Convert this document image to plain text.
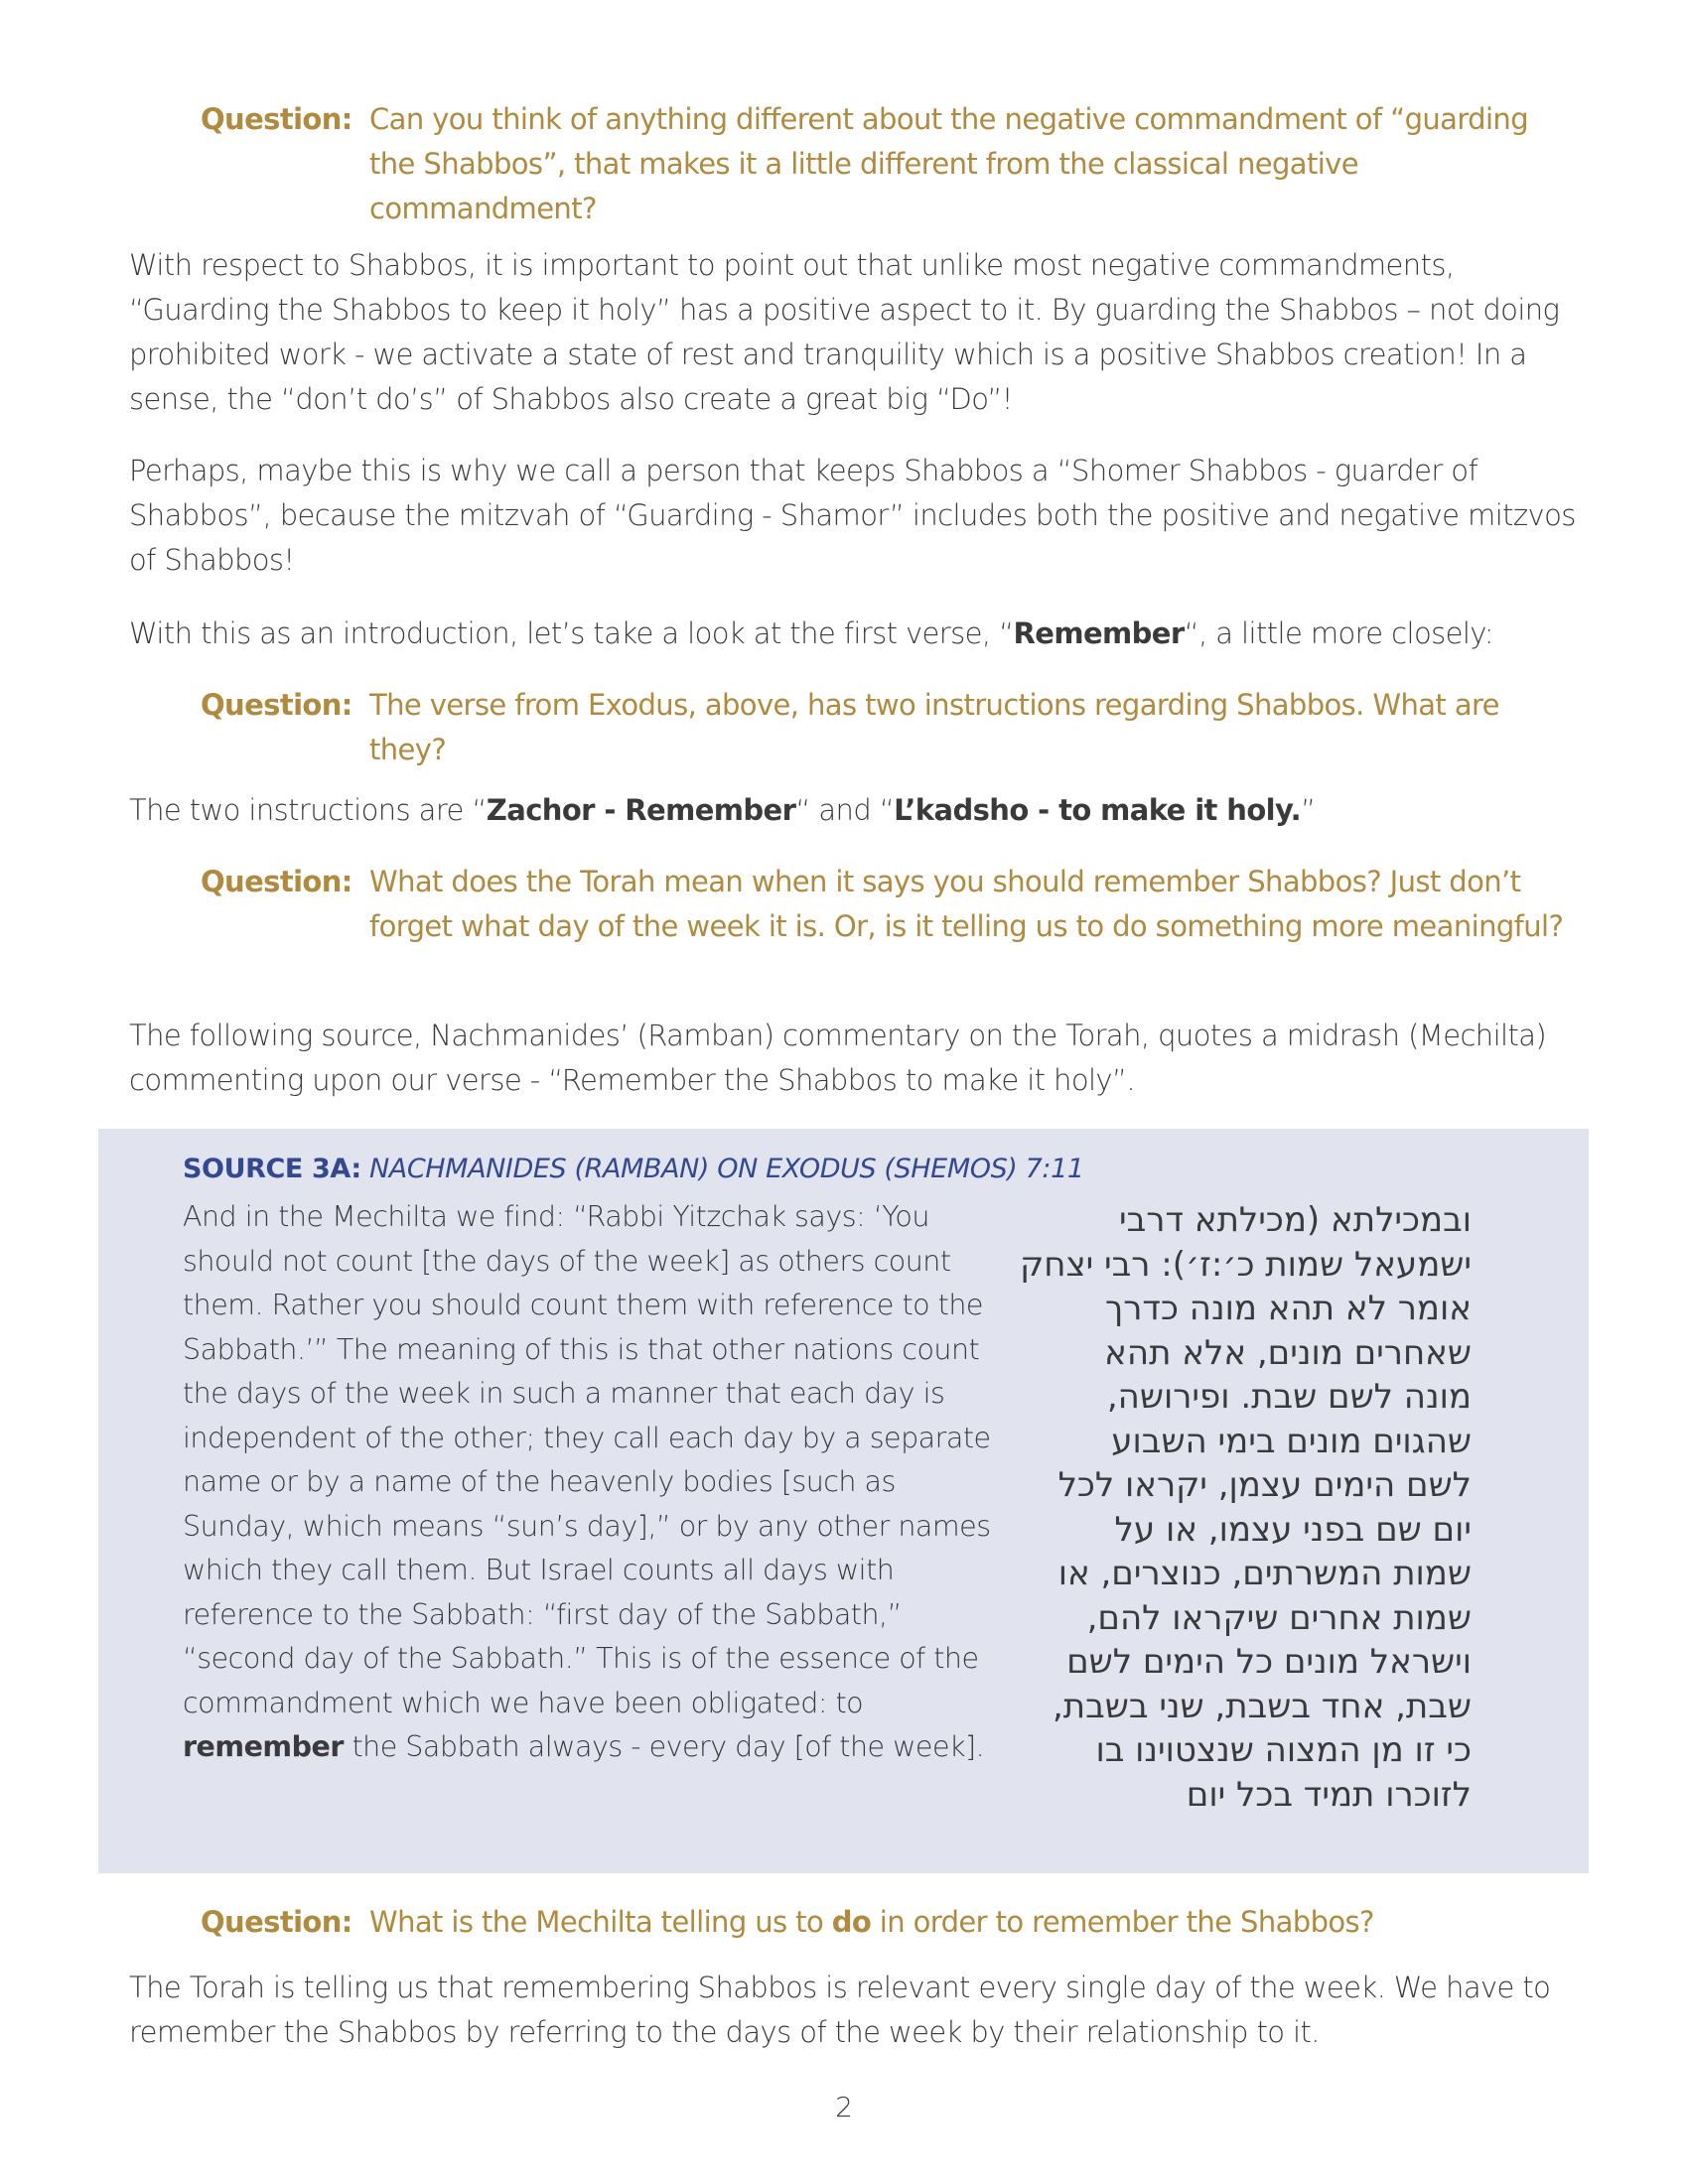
Question: Can you think of anything different about the negative commandment of “guarding the Shabbos”, that makes it a little different from the classical negative commandment?

With respect to Shabbos, it is important to point out that unlike most negative commandments, “Guarding the Shabbos to keep it holy” has a positive aspect to it. By guarding the Shabbos – not doing prohibited work - we activate a state of rest and tranquility which is a positive Shabbos creation! In a sense, the “don’t do’s” of Shabbos also create a great big “Do”!

Perhaps, maybe this is why we call a person that keeps Shabbos a “Shomer Shabbos - guarder of Shabbos”, because the mitzvah of “Guarding - Shamor” includes both the positive and negative mitzvos of Shabbos!

With this as an introduction, let’s take a look at the first verse, “Remember“, a little more closely:

Question: The verse from Exodus, above, has two instructions regarding Shabbos. What are they?

The two instructions are “Zachor - Remember“ and “L’kadsho - to make it holy.”

Question: What does the Torah mean when it says you should remember Shabbos? Just don’t forget what day of the week it is. Or, is it telling us to do something more meaningful?

The following source, Nachmanides’ (Ramban) commentary on the Torah, quotes a midrash (Mechilta) commenting upon our verse - “Remember the Shabbos to make it holy”.

SOURCE 3A: NACHMANIDES (RAMBAN) ON EXODUS (SHEMOS) 7:11

And in the Mechilta we find: “Rabbi Yitzchak says: ‘You should not count [the days of the week] as others count them. Rather you should count them with reference to the Sabbath.’” The meaning of this is that other nations count the days of the week in such a manner that each day is independent of the other; they call each day by a separate name or by a name of the heavenly bodies [such as Sunday, which means “sun’s day],” or by any other names which they call them. But Israel counts all days with reference to the Sabbath: “first day of the Sabbath,” “second day of the Sabbath.” This is of the essence of the commandment which we have been obligated: to remember the Sabbath always - every day [of the week].

ובמכילתא (מכילתא דרבי
ישמעאל שמות כ׳:ז׳): רבי יצחק
אומר לא תהא מונה כדרך
שאחרים מונים, אלא תהא
מונה לשם שבת. ופירושה,
שהגוים מונים בימי השבוע
לשם הימים עצמן, יקראו לכל
יום שם בפני עצמו, או על
שמות המשרתים, כנוצרים, או
שמות אחרים שיקראו להם,
וישראל מונים כל הימים לשם
שבת, אחד בשבת, שני בשבת,
כי זו מן המצוה שנצטוינו בו
לזוכרו תמיד בכל יום
Question: What is the Mechilta telling us to do in order to remember the Shabbos?

The Torah is telling us that remembering Shabbos is relevant every single day of the week. We have to remember the Shabbos by referring to the days of the week by their relationship to it.

2
